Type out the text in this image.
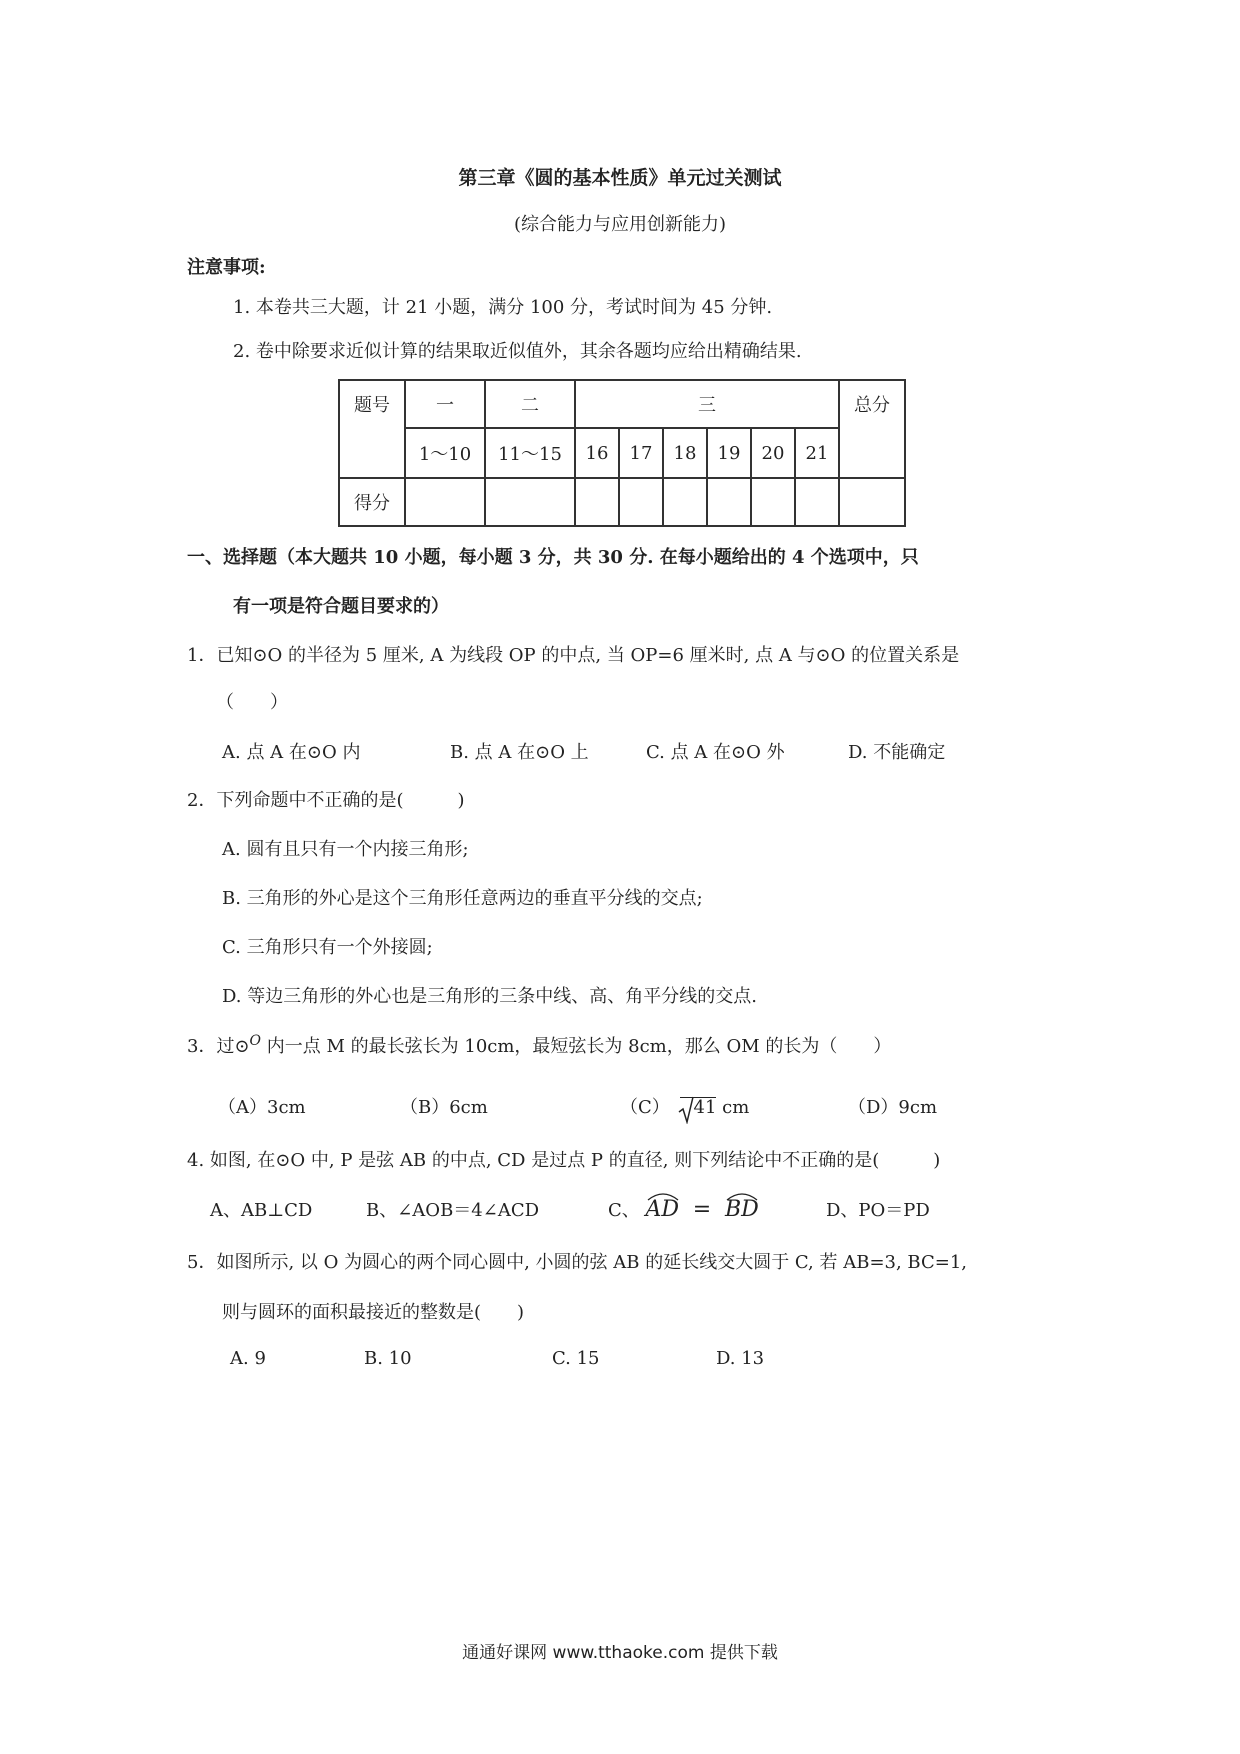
第三章《圆的基本性质》单元过关测试
(综合能力与应用创新能力)
注意事项:
1. 本卷共三大题，计 21 小题，满分 100 分，考试时间为 45 分钟.
2. 卷中除要求近似计算的结果取近似值外，其余各题均应给出精确结果.
题号	一	二	三						总分
	1～10	11～15	16	17	18	19	20	21	
得分									
一、选择题（本大题共 10 小题，每小题 3 分，共 30 分. 在每小题给出的 4 个选项中，只
有一项是符合题目要求的）
1．已知⊙O 的半径为 5 厘米, A 为线段 OP 的中点, 当 OP=6 厘米时, 点 A 与⊙O 的位置关系是
（　　）
A. 点 A 在⊙O 内	B. 点 A 在⊙O 上	C. 点 A 在⊙O 外	D. 不能确定
2．下列命题中不正确的是(　　　)
A. 圆有且只有一个内接三角形;
B. 三角形的外心是这个三角形任意两边的垂直平分线的交点;
C. 三角形只有一个外接圆;
D. 等边三角形的外心也是三角形的三条中线、高、角平分线的交点.
3．过⊙$^O$ 内一点 M 的最长弦长为 10cm，最短弦长为 8cm，那么 OM 的长为（　　）
（A）3cm	（B）6cm	（C） 41 cm	（D）9cm
4. 如图, 在⊙O 中, P 是弦 AB 的中点, CD 是过点 P 的直径, 则下列结论中不正确的是(　　　)
A、AB⊥CD	B、∠AOB＝4∠ACD	C、 AD = BD	D、PO＝PD
5．如图所示, 以 O 为圆心的两个同心圆中, 小圆的弦 AB 的延长线交大圆于 C, 若 AB=3, BC=1,
则与圆环的面积最接近的整数是(　　)
A. 9	B. 10	C. 15	D. 13
通通好课网 www.tthaoke.com 提供下载
